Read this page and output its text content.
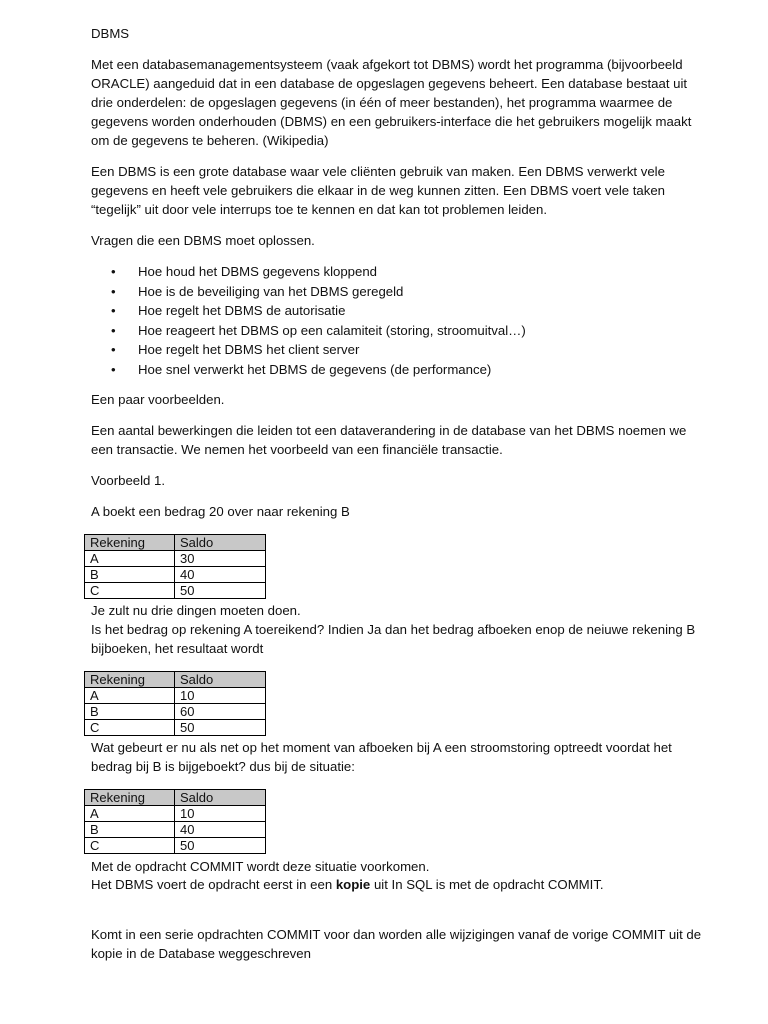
DBMS

Met een databasemanagementsysteem (vaak afgekort tot DBMS) wordt het programma (bijvoorbeeld ORACLE) aangeduid dat in een database de opgeslagen gegevens beheert. Een database bestaat uit drie onderdelen: de opgeslagen gegevens (in één of meer bestanden), het programma waarmee de gegevens worden onderhouden (DBMS) en een gebruikers-interface die het gebruikers mogelijk maakt om de gegevens te beheren. (Wikipedia)

Een DBMS is een grote database waar vele cliënten gebruik van maken. Een DBMS verwerkt vele gegevens en heeft vele gebruikers die elkaar in de weg kunnen zitten. Een DBMS voert vele taken “tegelijk” uit door vele interrups toe te kennen en dat kan tot problemen leiden.

Vragen die een DBMS moet oplossen.

• Hoe houd het DBMS gegevens kloppend
• Hoe is de beveiliging van het DBMS geregeld
• Hoe regelt het DBMS de autorisatie
• Hoe reageert het DBMS op een calamiteit (storing, stroomuitval…)
• Hoe regelt het DBMS het client server
• Hoe snel verwerkt het DBMS de gegevens (de performance)

Een paar voorbeelden.

Een aantal bewerkingen die leiden tot een dataverandering in de database van het DBMS noemen we een transactie. We nemen het voorbeeld van een financiële transactie.

Voorbeeld 1.

A boekt een bedrag 20 over naar rekening B

Rekening	Saldo
A	30
B	40
C	50

Je zult nu drie dingen moeten doen.

Is het bedrag op rekening A toereikend? Indien Ja dan het bedrag afboeken enop de neiuwe rekening B bijboeken, het resultaat wordt

Rekening	Saldo
A	10
B	60
C	50

Wat gebeurt er nu als net op het moment van afboeken bij A een stroomstoring optreedt voordat het bedrag bij B is bijgeboekt? dus bij de situatie:

Rekening	Saldo
A	10
B	40
C	50

Met de opdracht COMMIT wordt deze situatie voorkomen.

Het DBMS voert de opdracht eerst in een kopie uit In SQL is met de opdracht COMMIT.

Komt in een serie opdrachten COMMIT voor dan worden alle wijzigingen vanaf de vorige COMMIT uit de kopie in de Database weggeschreven
